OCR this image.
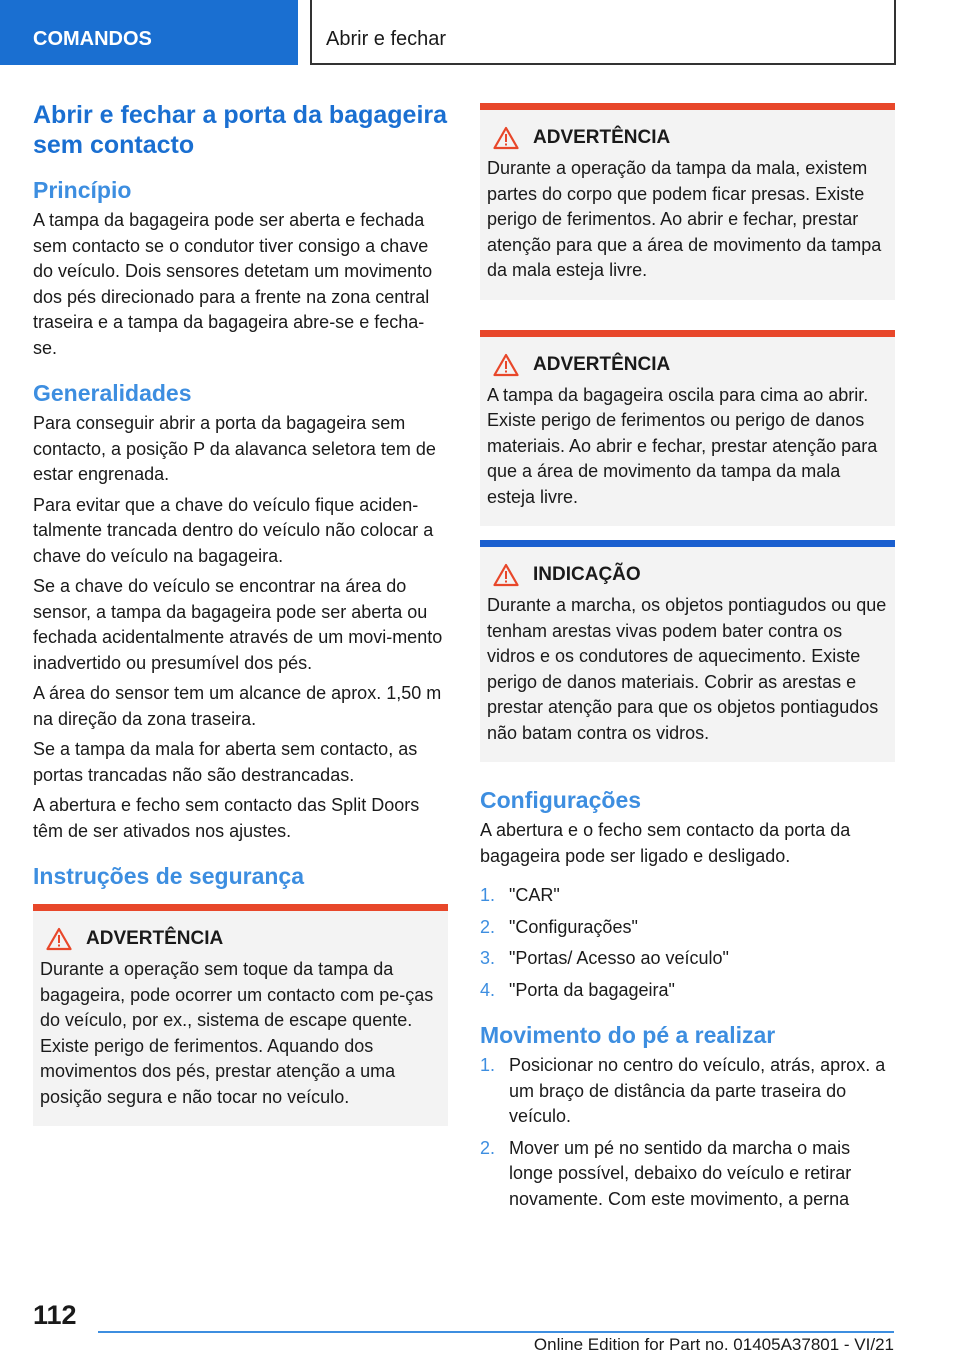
COMANDOS	Abrir e fechar
Abrir e fechar a porta da bagageira sem contacto
Princípio

A tampa da bagageira pode ser aberta e fechada sem contacto se o condutor tiver consigo a chave do veículo. Dois sensores detetam um movimento dos pés direcionado para a frente na zona central traseira e a tampa da bagageira abre-se e fecha-se.

Generalidades

Para conseguir abrir a porta da bagageira sem contacto, a posição P da alavanca seletora tem de estar engrenada.

Para evitar que a chave do veículo fique aciden-talmente trancada dentro do veículo não colocar a chave do veículo na bagageira.

Se a chave do veículo se encontrar na área do sensor, a tampa da bagageira pode ser aberta ou fechada acidentalmente através de um movi-mento inadvertido ou presumível dos pés.

A área do sensor tem um alcance de aprox. 1,50 m na direção da zona traseira.

Se a tampa da mala for aberta sem contacto, as portas trancadas não são destrancadas.

A abertura e fecho sem contacto das Split Doors têm de ser ativados nos ajustes.

Instruções de segurança
ADVERTÊNCIA

Durante a operação sem toque da tampa da bagageira, pode ocorrer um contacto com pe-ças do veículo, por ex., sistema de escape quente. Existe perigo de ferimentos. Aquando dos movimentos dos pés, prestar atenção a uma posição segura e não tocar no veículo.

ADVERTÊNCIA

Durante a operação da tampa da mala, existem partes do corpo que podem ficar presas. Existe perigo de ferimentos. Ao abrir e fechar, prestar atenção para que a área de movimento da tampa da mala esteja livre.

ADVERTÊNCIA

A tampa da bagageira oscila para cima ao abrir. Existe perigo de ferimentos ou perigo de danos materiais. Ao abrir e fechar, prestar atenção para que a área de movimento da tampa da mala esteja livre.

INDICAÇÃO

Durante a marcha, os objetos pontiagudos ou que tenham arestas vivas podem bater contra os vidros e os condutores de aquecimento. Existe perigo de danos materiais. Cobrir as arestas e prestar atenção para que os objetos pontiagudos não batam contra os vidros.

Configurações

A abertura e o fecho sem contacto da porta da bagageira pode ser ligado e desligado.

1. "CAR"
2. "Configurações"
3. "Portas/ Acesso ao veículo"
4. "Porta da bagageira"
Movimento do pé a realizar
1. Posicionar no centro do veículo, atrás, aprox. a um braço de distância da parte traseira do veículo.
2. Mover um pé no sentido da marcha o mais longe possível, debaixo do veículo e retirar novamente. Com este movimento, a perna
112
Online Edition for Part no. 01405A37801 - VI/21
